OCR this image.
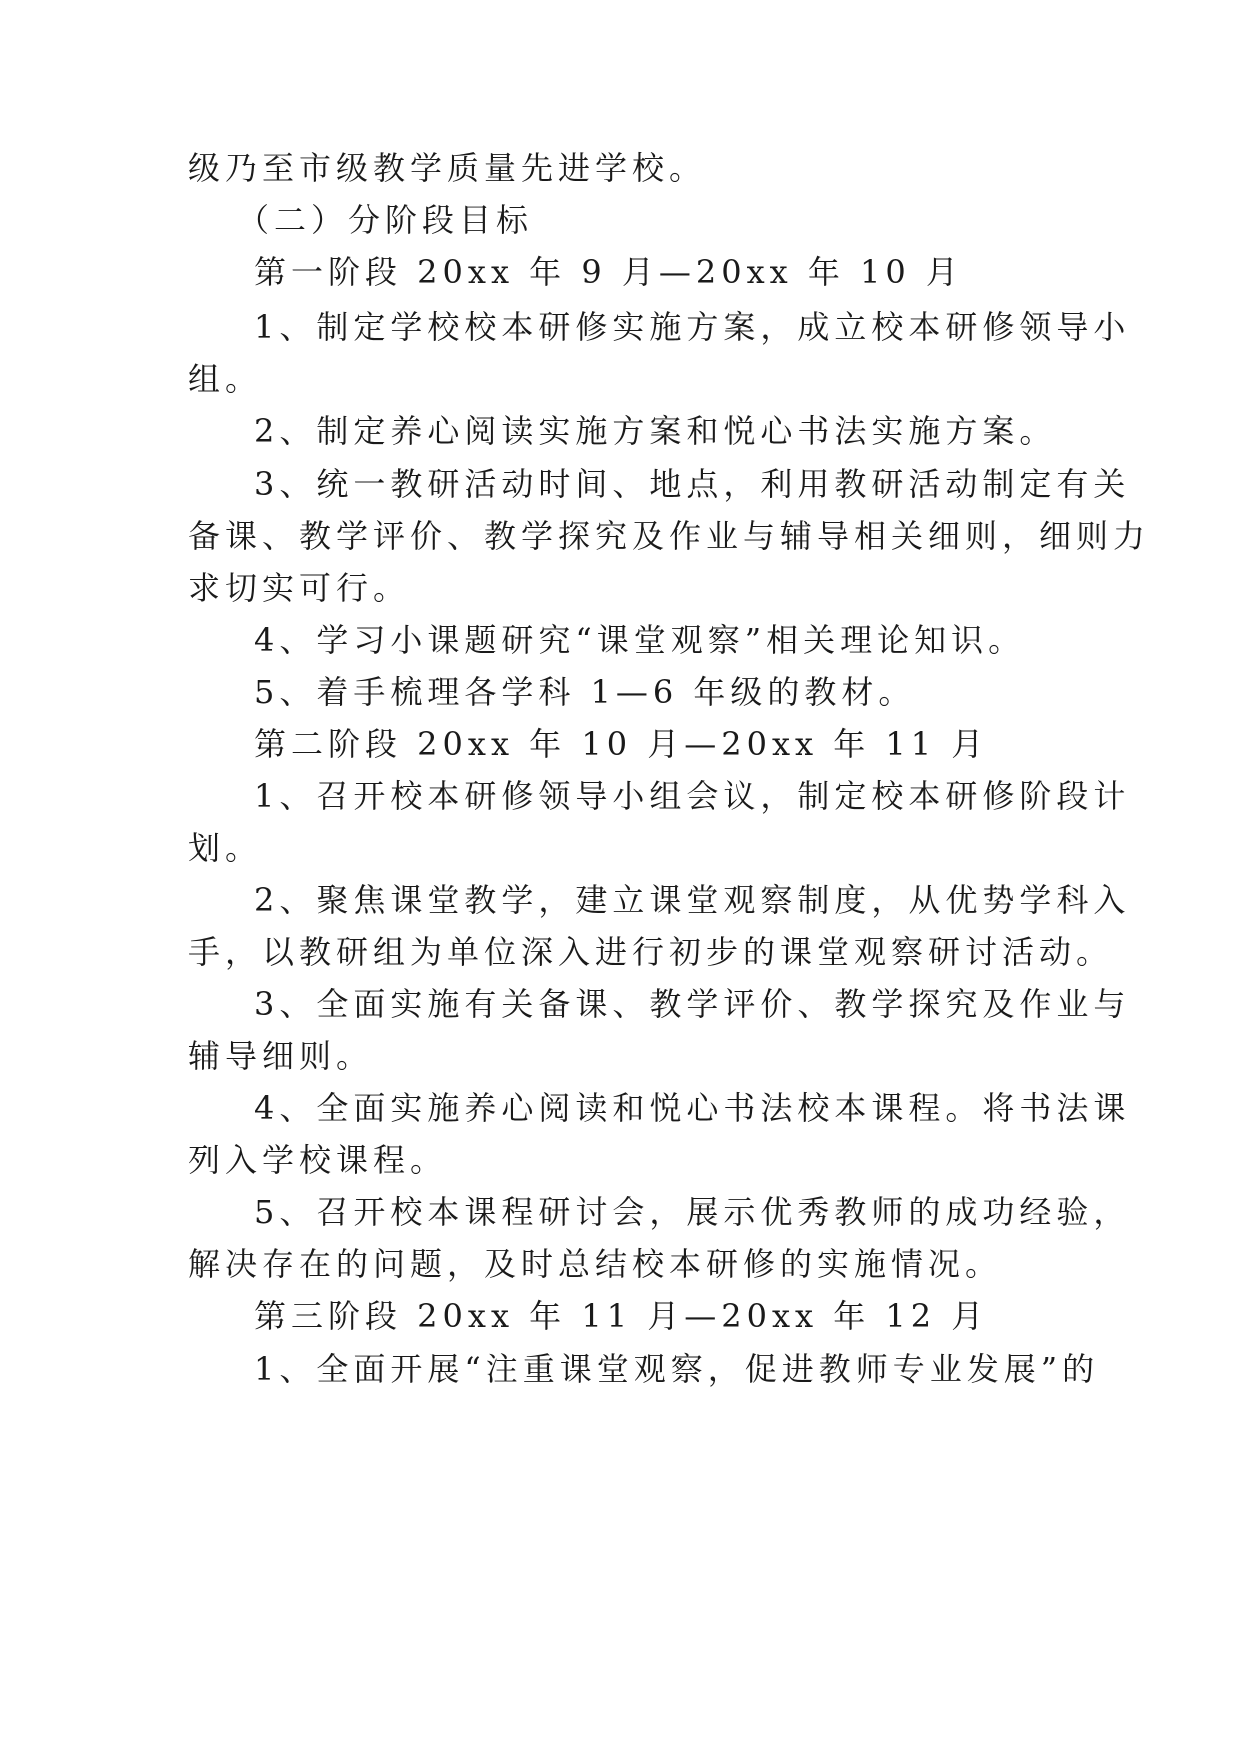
级乃至市级教学质量先进学校。
（二）分阶段目标
第一阶段 20xx 年 9 月—20xx 年 10 月
1、制定学校校本研修实施方案，成立校本研修领导小
组。
2、制定养心阅读实施方案和悦心书法实施方案。
3、统一教研活动时间、地点，利用教研活动制定有关
备课、教学评价、教学探究及作业与辅导相关细则，细则力
求切实可行。
4、学习小课题研究“课堂观察”相关理论知识。
5、着手梳理各学科 1—6 年级的教材。
第二阶段 20xx 年 10 月—20xx 年 11 月
1、召开校本研修领导小组会议，制定校本研修阶段计
划。
2、聚焦课堂教学，建立课堂观察制度，从优势学科入
手，以教研组为单位深入进行初步的课堂观察研讨活动。
3、全面实施有关备课、教学评价、教学探究及作业与
辅导细则。
4、全面实施养心阅读和悦心书法校本课程。将书法课
列入学校课程。
5、召开校本课程研讨会，展示优秀教师的成功经验，
解决存在的问题，及时总结校本研修的实施情况。
第三阶段 20xx 年 11 月—20xx 年 12 月
1、全面开展“注重课堂观察，促进教师专业发展”的
